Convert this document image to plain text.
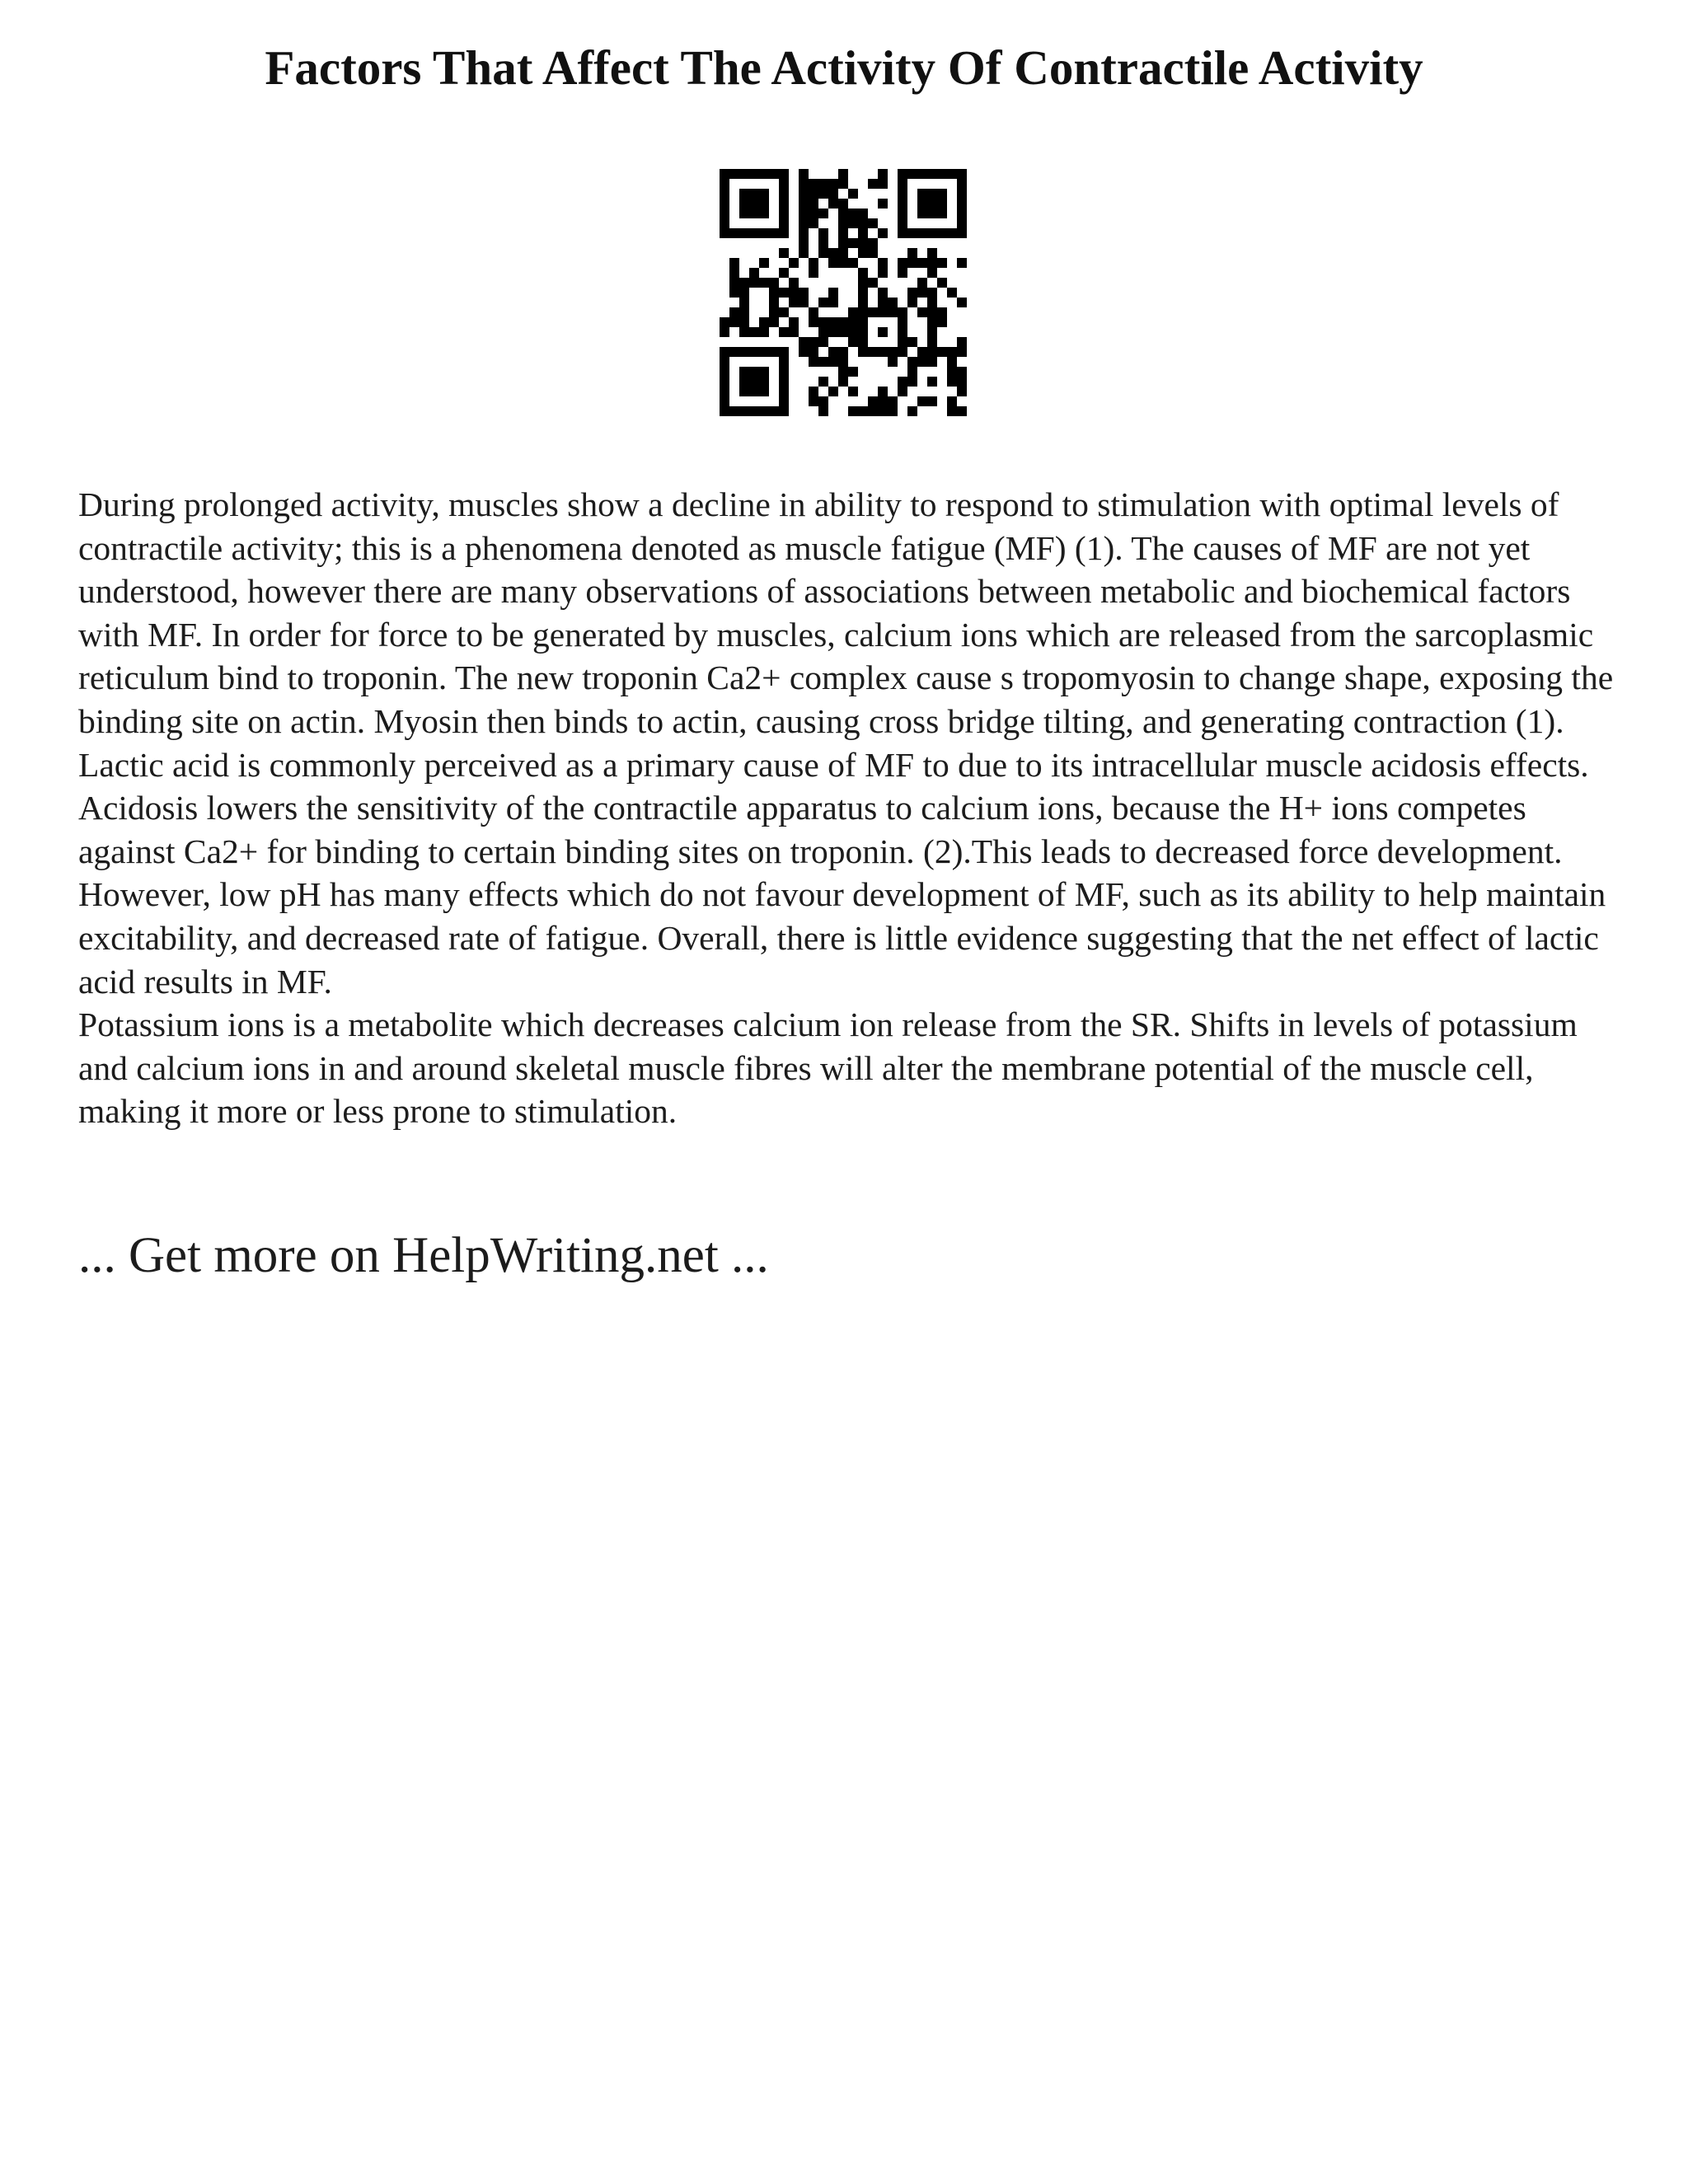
Factors That Affect The Activity Of Contractile Activity

During prolonged activity, muscles show a decline in ability to respond to stimulation with optimal levels of contractile activity; this is a phenomena denoted as muscle fatigue (MF) (1). The causes of MF are not yet understood, however there are many observations of associations between metabolic and biochemical factors with MF. In order for force to be generated by muscles, calcium ions which are released from the sarcoplasmic reticulum bind to troponin. The new troponin Ca2+ complex cause s tropomyosin to change shape, exposing the binding site on actin. Myosin then binds to actin, causing cross bridge tilting, and generating contraction (1).

Lactic acid is commonly perceived as a primary cause of MF to due to its intracellular muscle acidosis effects. Acidosis lowers the sensitivity of the contractile apparatus to calcium ions, because the H+ ions competes against Ca2+ for binding to certain binding sites on troponin. (2).This leads to decreased force development. However, low pH has many effects which do not favour development of MF, such as its ability to help maintain excitability, and decreased rate of fatigue. Overall, there is little evidence suggesting that the net effect of lactic acid results in MF.

Potassium ions is a metabolite which decreases calcium ion release from the SR. Shifts in levels of potassium and calcium ions in and around skeletal muscle fibres will alter the membrane potential of the muscle cell, making it more or less prone to stimulation.

... Get more on HelpWriting.net ...
